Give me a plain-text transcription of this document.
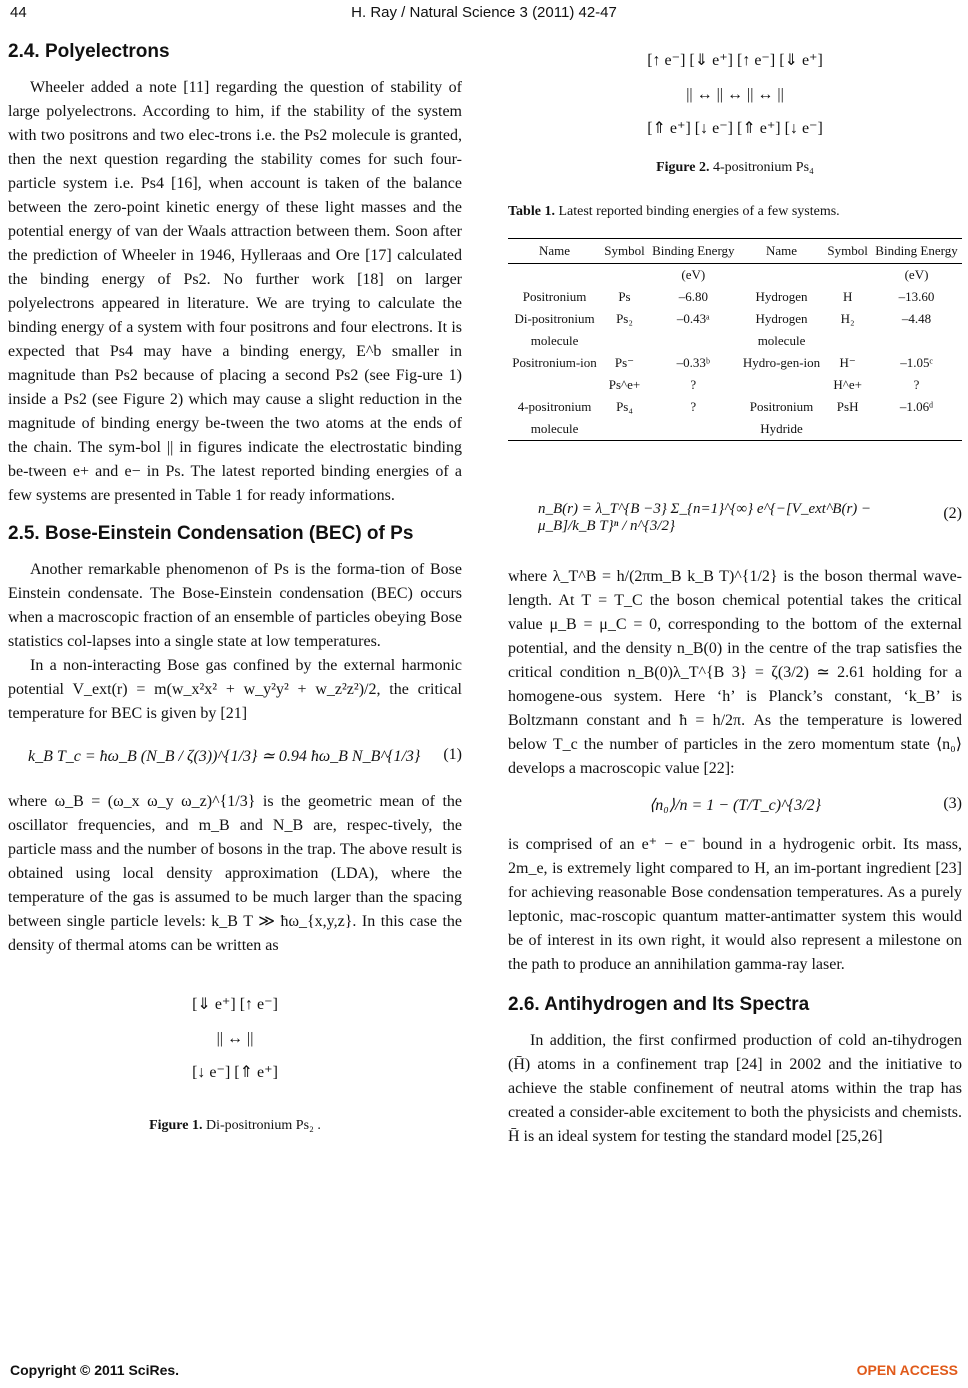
44	H. Ray / Natural Science 3 (2011) 42-47
2.4. Polyelectrons

Wheeler added a note [11] regarding the question of stability of large polyelectrons. According to him, if the stability of the system with two positrons and two elec-trons i.e. the Ps2 molecule is granted, then the next question regarding the stability comes for such four-particle system i.e. Ps4 [16], when account is taken of the balance between the zero-point kinetic energy of these light masses and the potential energy of van der Waals attraction between them. Soon after the prediction of Wheeler in 1946, Hylleraas and Ore [17] calculated the binding energy of Ps2. No further work [18] on larger polyelectrons appeared in literature. We are trying to calculate the binding energy of a system with four positrons and four electrons. It is expected that Ps4 may have a binding energy, E^b smaller in magnitude than Ps2 because of placing a second Ps2 (see Fig-ure 1) inside a Ps2 (see Figure 2) which may cause a slight reduction in the magnitude of binding energy be-tween the two atoms at the ends of the chain. The sym-bol || in figures indicate the electrostatic binding be-tween e+ and e− in Ps. The latest reported binding energies of a few systems are presented in Table 1 for ready informations.

2.5. Bose-Einstein Condensation (BEC) of Ps

Another remarkable phenomenon of Ps is the forma-tion of Bose Einstein condensate. The Bose-Einstein condensation (BEC) occurs when a macroscopic fraction of an ensemble of particles obeying Bose statistics col-lapses into a single state at low temperatures.

In a non-interacting Bose gas confined by the external harmonic potential V_ext(r) = m(w_x²x² + w_y²y² + w_z²z²)/2, the critical temperature for BEC is given by [21]

k_B T_c = ħω_B (N_B / ζ(3))^{1/3} ≃ 0.94 ħω_B N_B^{1/3} (1)

where ω_B = (ω_x ω_y ω_z)^{1/3} is the geometric mean of the oscillator frequencies, and m_B and N_B are, respec-tively, the particle mass and the number of bosons in the trap. The above result is obtained using local density approximation (LDA), where the temperature of the gas is assumed to be much larger than the spacing between single particle levels: k_B T ≫ ħω_{x,y,z}. In this case the density of thermal atoms can be written as

[⇓ e⁺] [↑ e⁻]
|| ↔ ||
[↓ e⁻] [⇑ e⁺]
Figure 1. Di-positronium Ps₂ .
[↑ e⁻] [⇓ e⁺] [↑ e⁻] [⇓ e⁺]
|| ↔ || ↔ || ↔ ||
[⇑ e⁺] [↓ e⁻] [⇑ e⁺] [↓ e⁻]
Figure 2. 4-positronium Ps₄
Table 1. Latest reported binding energies of a few systems.
Name	Symbol	Binding Energy	Name	Symbol	Binding Energy
		(eV)			(eV)
Positronium	Ps	–6.80	Hydrogen	H	–13.60
Di-positronium	Ps₂	–0.43ᵃ	Hydrogen	H₂	–4.48
molecule			molecule		
Positronium-ion	Ps⁻	–0.33ᵇ	Hydro-gen-ion	H⁻	–1.05ᶜ
	Ps^e+	?		H^e+	?
4-positronium	Ps₄	?	Positronium	PsH	–1.06ᵈ
molecule			Hydride		
n_B(r) = λ_T^{B −3} Σ_{n=1}^{∞} e^{−[V_ext^B(r) − μ_B]/k_B T}ⁿ / n^{3/2}
(2)

where λ_T^B = h/(2πm_B k_B T)^{1/2} is the boson thermal wave-length. At T = T_C the boson chemical potential takes the critical value μ_B = μ_C = 0, corresponding to the bottom of the external potential, and the density n_B(0) in the centre of the trap satisfies the critical condition n_B(0)λ_T^{B 3} = ζ(3/2) ≃ 2.61 holding for a homogene-ous system. Here ‘h’ is Planck’s constant, ‘k_B’ is Boltzmann constant and ħ = h/2π. As the temperature is lowered below T_c the number of particles in the zero momentum state ⟨n₀⟩ develops a macroscopic value [22]:

⟨n₀⟩/n = 1 − (T/T_c)^{3/2}	(3)

is comprised of an e⁺ − e⁻ bound in a hydrogenic orbit. Its mass, 2m_e, is extremely light compared to H, an im-portant ingredient [23] for achieving reasonable Bose condensation temperatures. As a purely leptonic, mac-roscopic quantum matter-antimatter system this would be of interest in its own right, it would also represent a milestone on the path to produce an annihilation gamma-ray laser.

2.6. Antihydrogen and Its Spectra

In addition, the first confirmed production of cold an-tihydrogen (H̄) atoms in a confinement trap [24] in 2002 and the initiative to achieve the stable confinement of neutral atoms within the trap has created a consider-able excitement to both the physicists and chemists. H̄ is an ideal system for testing the standard model [25,26]

Copyright © 2011 SciRes.	OPEN ACCESS
